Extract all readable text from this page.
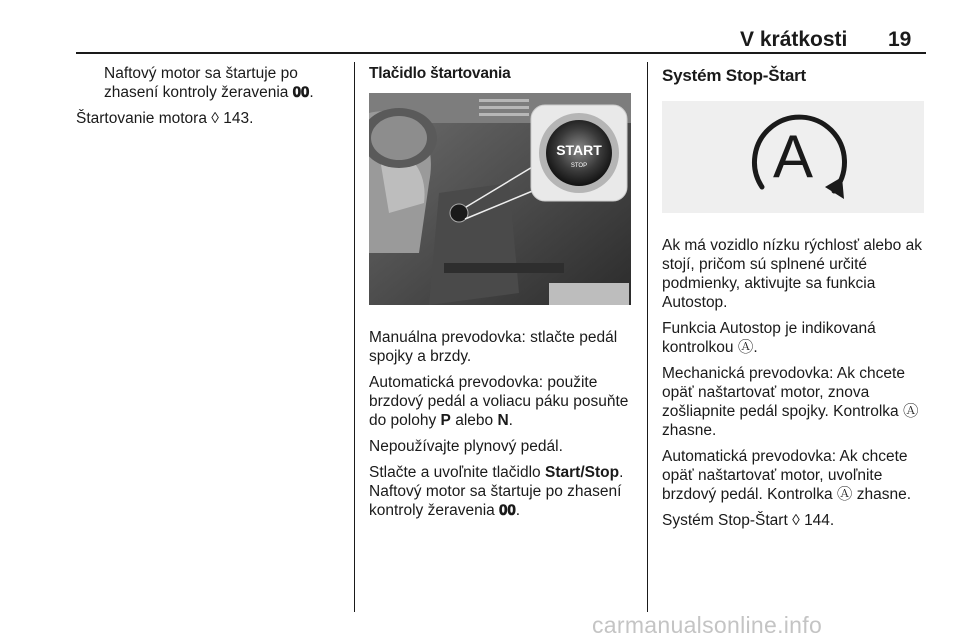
V krátkosti 19

Naftový motor sa štartuje po zhasení kontroly žeravenia 𝟎𝟎.

Štartovanie motora ◊ 143.

Tlačidlo štartovania
START
STOP

Manuálna prevodovka: stlačte pedál spojky a brzdy.

Automatická prevodovka: použite brzdový pedál a voliacu páku posuňte do polohy P alebo N.

Nepoužívajte plynový pedál.

Stlačte a uvoľnite tlačidlo Start/Stop.
Naftový motor sa štartuje po zhasení kontroly žeravenia 𝟎𝟎.

Systém Stop-Štart
A

Ak má vozidlo nízku rýchlosť alebo ak stojí, pričom sú splnené určité podmienky, aktivujte sa funkcia Autostop.

Funkcia Autostop je indikovaná kontrolkou Ⓐ.

Mechanická prevodovka: Ak chcete opäť naštartovať motor, znova zošliapnite pedál spojky. Kontrolka Ⓐ zhasne.

Automatická prevodovka: Ak chcete opäť naštartovať motor, uvoľnite brzdový pedál. Kontrolka Ⓐ zhasne.

Systém Stop-Štart ◊ 144.

carmanualsonline.info
